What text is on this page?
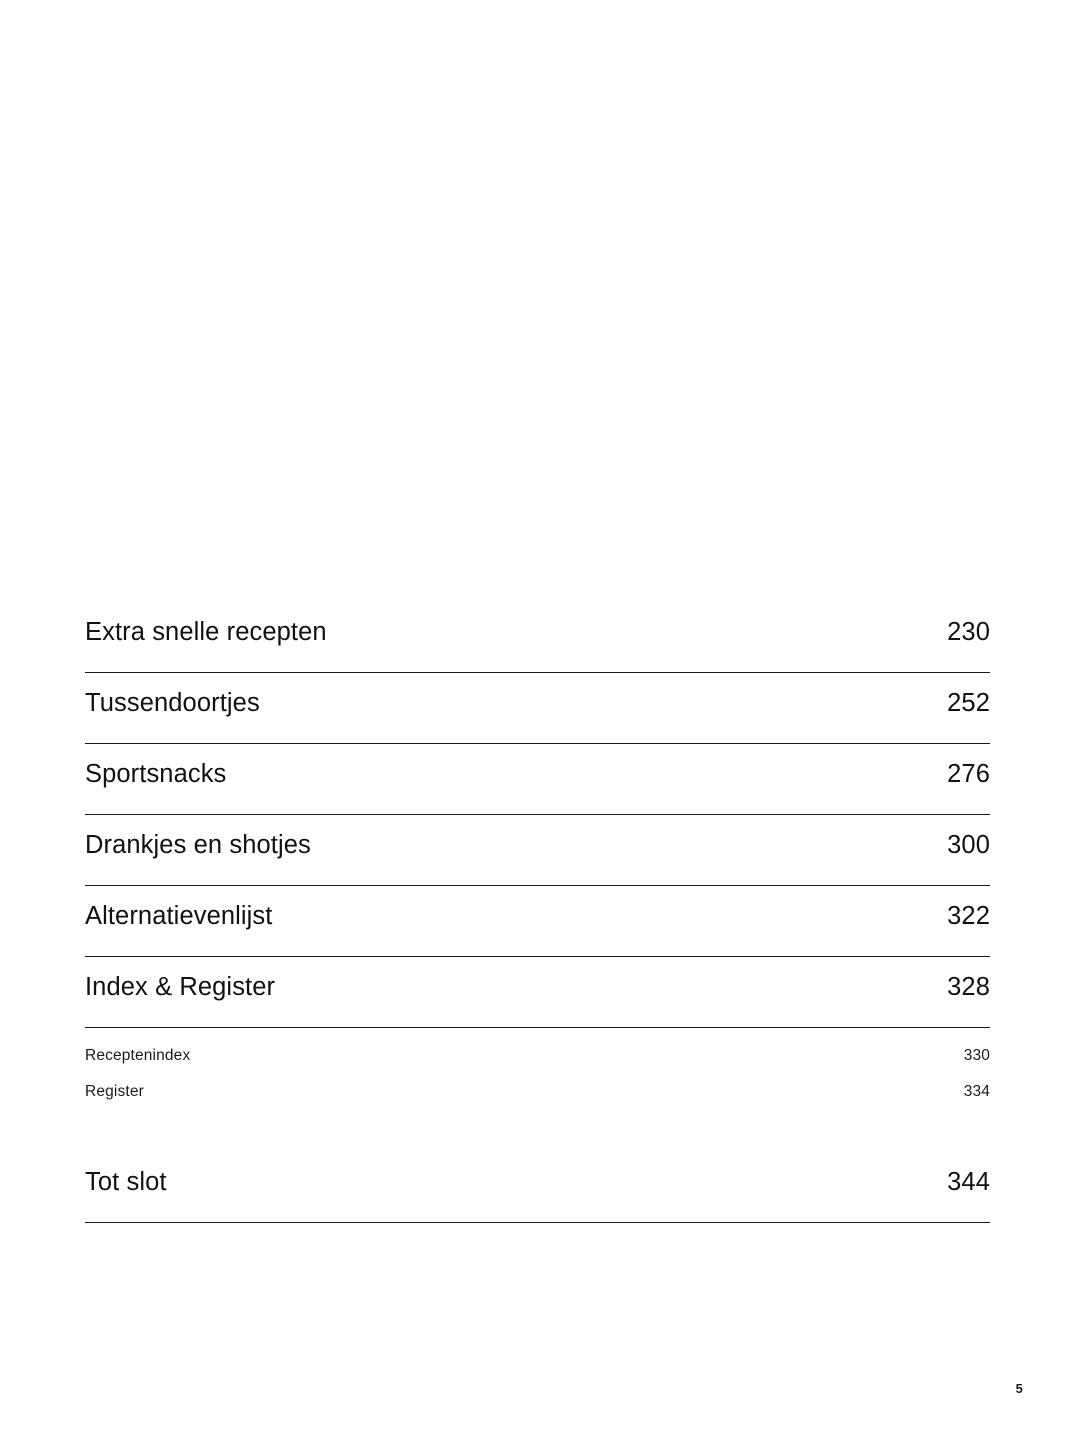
Extra snelle recepten	230
Tussendoortjes	252
Sportsnacks	276
Drankjes en shotjes	300
Alternatievenlijst	322
Index & Register	328
Receptenindex	330
Register	334
Tot slot	344
5
